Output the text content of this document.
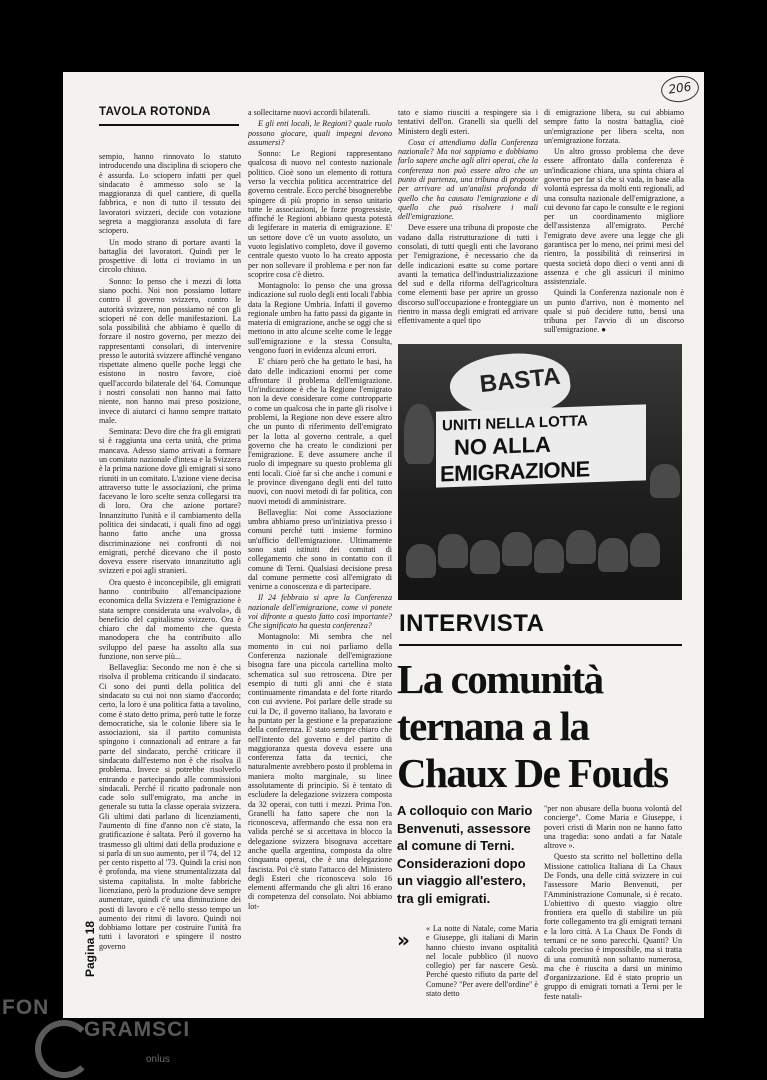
206
TAVOLA ROTONDA

sempio, hanno rinnovato lo statuto introducendo una disciplina di sciopero che è assurda. Lo sciopero infatti per quel sindacato è ammesso solo se la maggioranza di quel cantiere, di quella fabbrica, e non di tutto il tessuto dei lavoratori svizzeri, decide con votazione segreta a maggioranza assoluta di fare sciopero.

Un modo strano di portare avanti la battaglia dei lavoratori. Quindi per le prospettive di lotta ci troviamo in un circolo chiuso.

Sonno: Io penso che i mezzi di lotta siano pochi. Noi non possiamo lottare contro il governo svizzero, contro le autorità svizzere, non possiamo né con gli scioperi né con delle manifestazioni. La sola possibilità che abbiamo è quello di forzare il nostro governo, per mezzo dei rappresentanti consolari, di intervenire presso le autorità svizzere affinché vengano rispettate almeno quelle poche leggi che esistono in nostro favore, cioè quell'accordo bilaterale del '64. Comunque i nostri consolati non hanno mai fatto niente, non hanno mai preso posizione, invece di aiutarci ci hanno sempre trattato male.

Seminara: Devo dire che fra gli emigrati si è raggiunta una certa unità, che prima mancava. Adesso siamo arrivati a formare un comitato nazionale d'intesa e la Svizzera è la prima nazione dove gli emigrati si sono riuniti in un comitato. L'azione viene decisa attraverso tutte le associazioni, che prima facevano le loro scelte senza collegarsi tra di loro. Ora che azione portare? Innanzitutto l'unità e il cambiamento della politica dei sindacati, i quali fino ad oggi hanno fatto anche una grossa discriminazione nei confronti di noi emigrati, perché dicevano che il posto doveva essere riservato innanzitutto agli svizzeri e poi agli stranieri.

Ora questo è inconcepibile, gli emigrati hanno contribuito all'emancipazione economica della Svizzera e l'emigrazione è stata sempre considerata una «valvola», di beneficio del capitalismo svizzero. Ora è chiaro che dal momento che questa manodopera che ha contribuito allo sviluppo del paese ha assolto alla sua funzione, non serve più...

Bellaveglia: Secondo me non è che si risolva il problema criticando il sindacato. Ci sono dei punti della politica del sindacato su cui noi non siamo d'accordo; certo, la loro è una politica fatta a tavolino, come è stato detto prima, però tutte le forze democratiche, sia le colonie libere sia le associazioni, sia il partito comunista spingono i connazionali ad entrare a far parte del sindacato, perché criticare il sindacato dall'esterno non è che risolva il problema. Invece si potrebbe risolverlo entrando e partecipando alle commissioni sindacali. Perché il ricatto padronale non cade solo sull'emigrato, ma anche in generale su tutta la classe operaia svizzera. Gli ultimi dati parlano di licenziamenti, l'aumento di fine d'anno non c'è stato, la gratificazione è saltata. Però il governo ha trasmesso gli ultimi dati della produzione e si parla di un suo aumento, per il '74, del 12 per cento rispetto al '73. Quindi la crisi non è profonda, ma viene strumentalizzata dal sistema capitalista. In molte fabbriche licenziano, però la produzione deve sempre aumentare, quindi c'è una diminuzione dei posti di lavoro e c'è nello stesso tempo un aumento dei ritmi di lavoro. Quindi noi dobbiamo lottare per costruire l'unità fra tutti i lavoratori e spingere il nostro governo

a sollecitarne nuovi accordi bilaterali.

E gli enti locali, le Regioni? quale ruolo possono giocare, quali impegni devono assumersi?

Sonno: Le Regioni rappresentano qualcosa di nuovo nel contesto nazionale politico. Cioè sono un elemento di rottura verso la vecchia politica accentratrice del governo centrale. Ecco perché bisognerebbe spingere di più proprio in senso unitario tutte le associazioni, le forze progressiste, affinché le Regioni abbiano questa potestà di legiferare in materia di emigrazione. E' un settore dove c'è un vuoto assoluto, un vuoto legislativo completo, dove il governo centrale questo vuoto lo ha creato apposta per non sollevare il problema e per non far scoprire cosa c'è dietro.

Montagnolo: Io penso che una grossa indicazione sul ruolo degli enti locali l'abbia data la Regione Umbria. Infatti il governo regionale umbro ha fatto passi da gigante in materia di emigrazione, anche se oggi che si mettono in atto alcune scelte come le legge sull'emigrazione e la stessa Consulta, vengono fuori in evidenza alcuni errori.

E' chiaro però che ha gettato le basi, ha dato delle indicazioni enormi per come affrontare il problema dell'emigrazione. Un'indicazione è che la Regione l'emigrato non la deve considerare come contropparte o come un qualcosa che in parte gli risolve i problemi, la Regione non deve essere altro che un punto di riferimento dell'emigrato per la lotta al governo centrale, a quel governo che ha creato le condizioni per l'emigrazione. E deve assumere anche il ruolo di impegnare su questo problema gli enti locali. Cioè far sì che anche i comuni e le province divengano degli enti del tutto nuovi, con nuovi metodi di far politica, con nuovi metodi di amministrare.

Bellaveglia: Noi come Associazione umbra abbiamo preso un'iniziativa presso i comuni perché tutti insieme formino un'ufficio dell'emigrazione. Ultimamente sono stati istituiti dei comitati di collegamento che sono in contatto con il comune di Terni. Qualsiasi decisione presa dal comune permette così all'emigrato di venirne a conoscenza e di partecipare.

Il 24 febbraio si apre la Conferenza nazionale dell'emigrazione, come vi ponete voi difronte a questo fatto così importante? Che significato ha questa conferenza?

Montagnolo: Mi sembra che nel momento in cui noi parliamo della Conferenza nazionale dell'emigrazione bisogna fare una piccola cartellina molto schematica sul suo retroscena. Dire per esempio di tutti gli anni che è stata continuamente rimandata e del forte ritardo con cui avviene. Poi parlare delle strade su cui la Dc, il governo italiano, ha lavorato e ha puntato per la gestione e la preparazione della conferenza. E' stato sempre chiaro che nell'intento del governo e del partito di maggioranza questa doveva essere una conferenza fatta da tecnici, che naturalmente avrebbero posto il problema in maniera molto marginale, su linee assolutamente di principio. Si è tentato di escludere la delegazione svizzera composta da 32 operai, con tutti i mezzi. Prima l'on. Granelli ha fatto sapere che non la riconosceva, affermando che essa non era valida perché se si accettava in blocco la delegazione svizzera bisognava accettare anche quella argentina, composta da oltre cinquanta operai, che è una delegazione fascista. Poi c'è stato l'attacco del Ministero degli Esteri che riconosceva solo 16 elementi affermando che gli altri 16 erano di competenza del consolato. Noi abbiamo lot-

tato e siamo riusciti a respingere sia i tentativi dell'on. Granelli sia quelli del Ministero degli esteri.

Cosa ci attendiamo dalla Conferenza nazionale? Ma noi sappiamo e dobbiamo farlo sapere anche agli altri operai, che la conferenza non può essere altro che un punto di partenza, una tribuna di proposte per arrivare ad un'analisi profonda di quello che ha causato l'emigrazione e di quello che può risolvere i mali dell'emigrazione.

Deve essere una tribuna di proposte che vadano dalla ristrutturazione di tutti i consolati, di tutti quegli enti che lavorano per l'emigrazione, è necessario che da delle indicazioni esatte su come portare avanti la tematica dell'industrializzazione del sud e della riforma dell'agricoltura come elementi base per aprire un grosso discorso sull'occupazione e fronteggiare un rientro in massa degli emigrati ed arrivare effettivamente a quel tipo

di emigrazione libera, su cui abbiamo sempre fatto la nostra battaglia, cioè un'emigrazione per libera scelta, non un'emigrazione forzata.

Un altro grosso problema che deve essere affrontato dalla conferenza è un'indicazione chiara, una spinta chiara al governo per far sì che si vada, in base alla volontà espressa da molti enti regionali, ad una consulta nazionale dell'emigrazione, a cui devono far capo le consulte e le regioni per un coordinamento migliore dell'assistenza all'emigrato. Perché l'emigrato deve avere una legge che gli garantisca per lo meno, nei primi mesi del rientro, la possibilità di reinserirsi in questa società dopo dieci o venti anni di assenza e che gli assicuri il minimo assistenziale.

Quindi la Conferenza nazionale non è un punto d'arrivo, non è momento nel quale si può decidere tutto, bensì una tribuna per l'avvio di un discorso sull'emigrazione. ●

Pagina 18
BASTA
UNITI NELLA LOTTA
NO ALLA
EMIGRAZIONE
INTERVISTA
La comunità ternana a la Chaux De Fouds
A colloquio con Mario Benvenuti, assessore al comune di Terni. Considerazioni dopo un viaggio all'estero, tra gli emigrati.
» « La notte di Natale, come Maria e Giuseppe, gli italiani di Marin hanno chiesto invano ospitalità nel locale pubblico (il nuovo collegio) per far nascere Gesù. Perché questo rifiuto da parte del Comune? "Per avere dell'ordine" è stato detto

"per non abusare della buona volontà del concierge". Come Maria e Giuseppe, i poveri cristi di Marin non ne hanno fatto una tragedia: sono andati a far Natale altrove ».

Questo sta scritto nel bollettino della Missione cattolica Italiana di La Chaux De Fonds, una delle città svizzere in cui l'assessore Mario Benvenuti, per l'Amministrazione Comunale, si è recato. L'obiettivo di questo viaggio oltre frontiera era quello di stabilire un più forte collegamento tra gli emigrati ternani e la loro città. A La Chaux De Fonds di ternani ce ne sono parecchi. Quanti? Un calcolo preciso è impossibile, ma si tratta di una comunità non soltanto numerosa, ma che è riuscita a darsi un minimo d'organizzazione. Ed è stato proprio un gruppo di emigrati tornati a Terni per le feste natali-

FON
GRAMSCI
onlus
